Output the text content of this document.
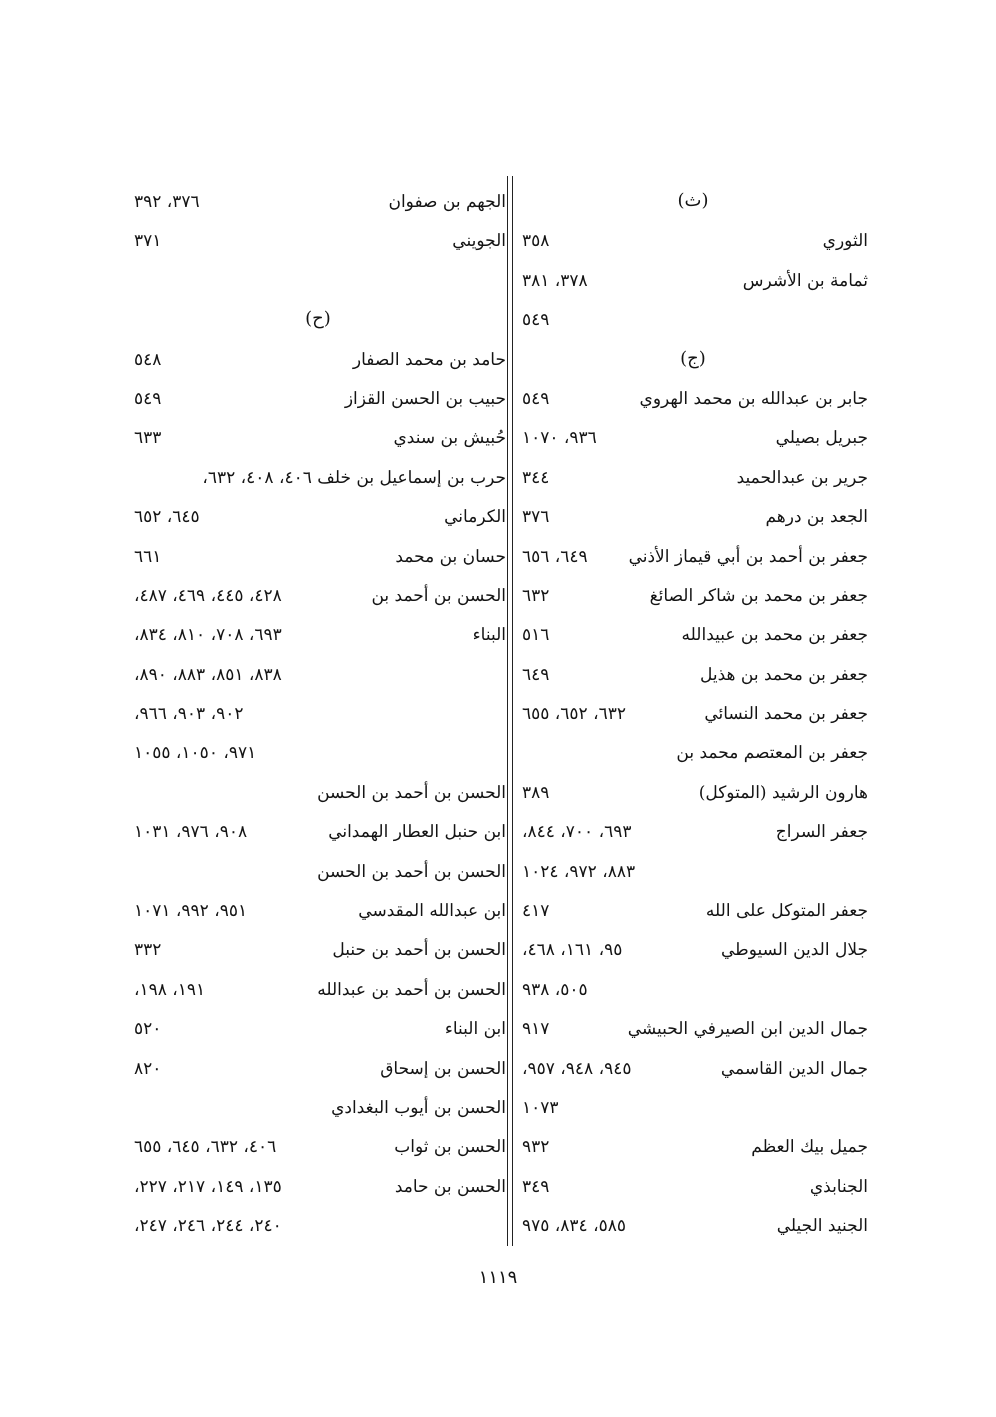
(ث)
الثوري
٣٥٨
ثمامة بن الأشرس
٣٧٨، ٣٨١
٥٤٩
(ج)
جابر بن عبدالله بن محمد الهروي
٥٤٩
جبريل بصيلي
٩٣٦، ١٠٧٠
جرير بن عبدالحميد
٣٤٤
الجعد بن درهم
٣٧٦
جعفر بن أحمد بن أبي قيماز الأذني
٦٤٩، ٦٥٦
جعفر بن محمد بن شاكر الصائغ
٦٣٢
جعفر بن محمد بن عبيدالله
٥١٦
جعفر بن محمد بن هذيل
٦٤٩
جعفر بن محمد النسائي
٦٣٢، ٦٥٢، ٦٥٥
جعفر بن المعتصم محمد بن
هارون الرشيد (المتوكل)
٣٨٩
جعفر السراج
٦٩٣، ٧٠٠، ٨٤٤،
٨٨٣، ٩٧٢، ١٠٢٤
جعفر المتوكل على الله
٤١٧
جلال الدين السيوطي
٩٥، ١٦١، ٤٦٨،
٥٠٥، ٩٣٨
جمال الدين ابن الصيرفي الحبيشي
٩١٧
جمال الدين القاسمي
٩٤٥، ٩٤٨، ٩٥٧،
١٠٧٣
جميل بيك العظم
٩٣٢
الجنابذي
٣٤٩
الجنيد الجيلي
٥٨٥، ٨٣٤، ٩٧٥
الجهم بن صفوان
٣٧٦، ٣٩٢
الجويني
٣٧١
(ح)
حامد بن محمد الصفار
٥٤٨
حبيب بن الحسن القزاز
٥٤٩
حُبيش بن سندي
٦٣٣
حرب بن إسماعيل بن خلف ٤٠٦، ٤٠٨، ٦٣٢،
الكرماني
٦٤٥، ٦٥٢
حسان بن محمد
٦٦١
الحسن بن أحمد بن
٤٢٨، ٤٤٥، ٤٦٩، ٤٨٧،
البناء
٦٩٣، ٧٠٨، ٨١٠، ٨٣٤،
٨٣٨، ٨٥١، ٨٨٣، ٨٩٠،
٩٠٢، ٩٠٣، ٩٦٦،
٩٧١، ١٠٥٠، ١٠٥٥
الحسن بن أحمد بن الحسن
ابن حنبل العطار الهمداني
٩٠٨، ٩٧٦، ١٠٣١
الحسن بن أحمد بن الحسن
ابن عبدالله المقدسي
٩٥١، ٩٩٢، ١٠٧١
الحسن بن أحمد بن حنبل
٣٣٢
الحسن بن أحمد بن عبدالله
١٩١، ١٩٨،
ابن البناء
٥٢٠
الحسن بن إسحاق
٨٢٠
الحسن بن أيوب البغدادي
الحسن بن ثواب
٤٠٦، ٦٣٢، ٦٤٥، ٦٥٥
الحسن بن حامد
١٣٥، ١٤٩، ٢١٧، ٢٢٧،
٢٤٠، ٢٤٤، ٢٤٦، ٢٤٧،
١١١٩
